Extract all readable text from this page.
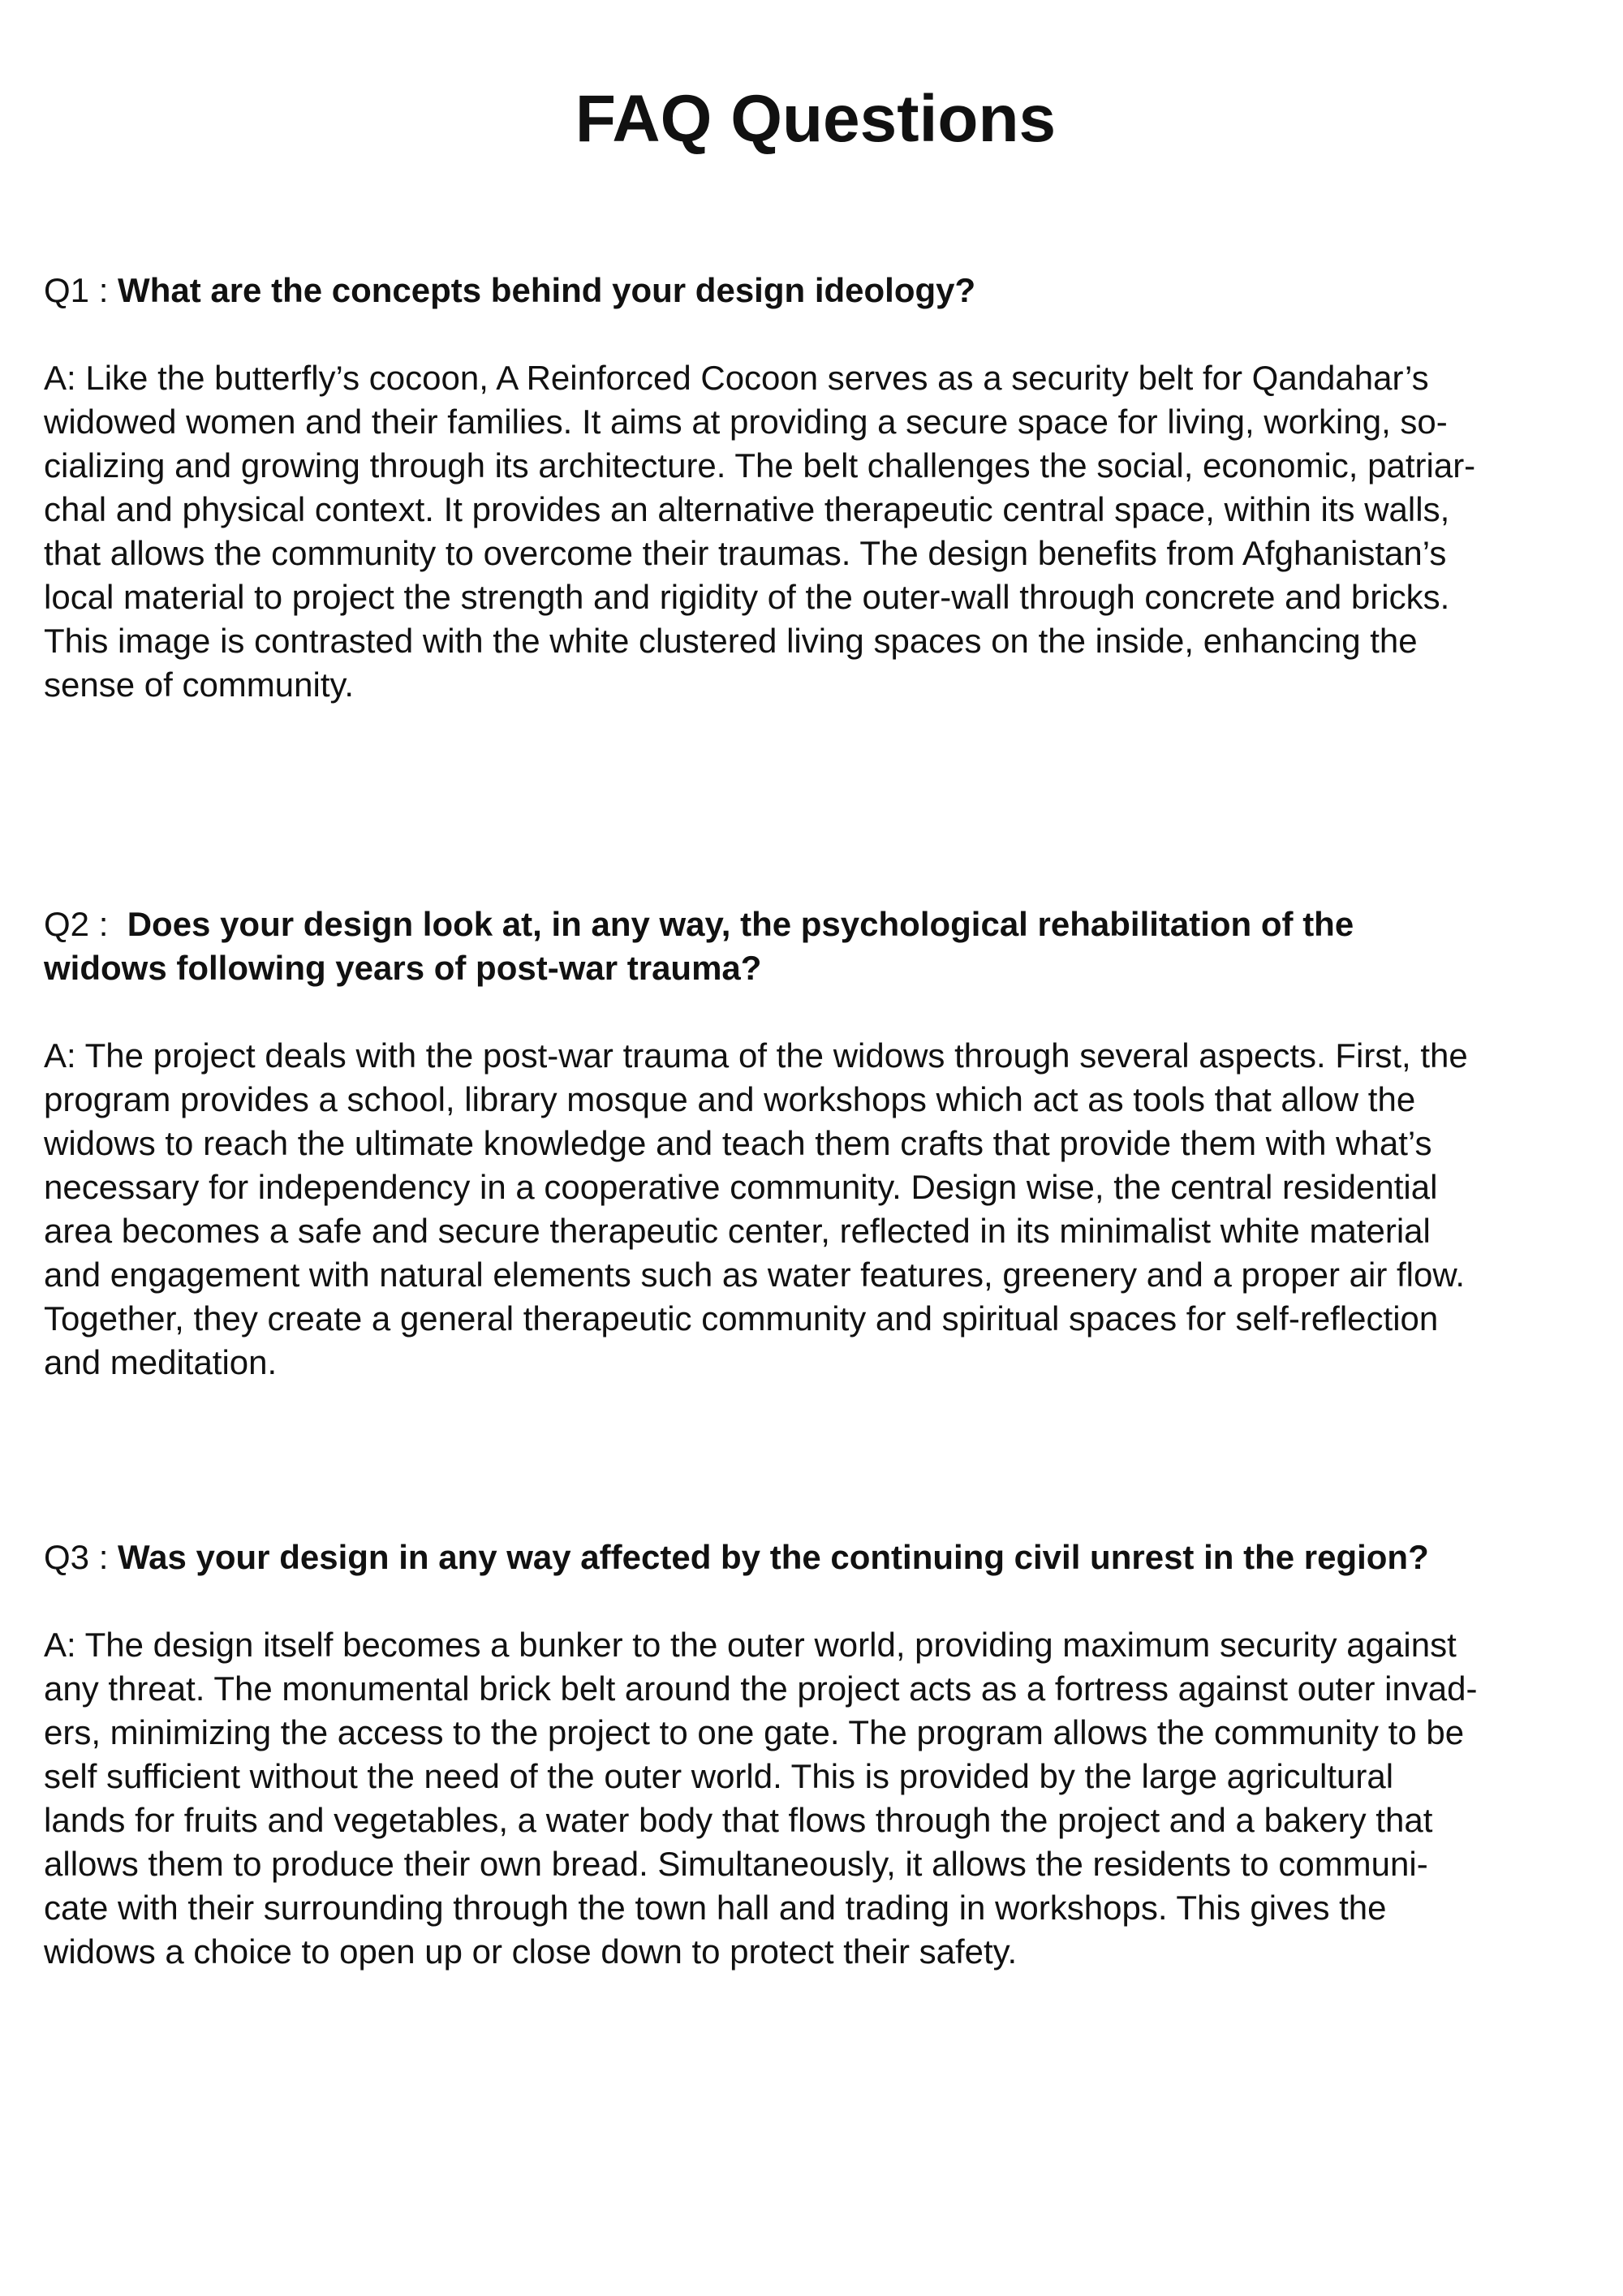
FAQ Questions

Q1 : What are the concepts behind your design ideology?

A: Like the butterfly’s cocoon, A Reinforced Cocoon serves as a security belt for Qandahar’s
widowed women and their families. It aims at providing a secure space for living, working, so-
cializing and growing through its architecture. The belt challenges the social, economic, patriar-
chal and physical context. It provides an alternative therapeutic central space, within its walls,
that allows the community to overcome their traumas. The design benefits from Afghanistan’s
local material to project the strength and rigidity of the outer-wall through concrete and bricks.
This image is contrasted with the white clustered living spaces on the inside, enhancing the
sense of community.

Q2 :  Does your design look at, in any way, the psychological rehabilitation of the
widows following years of post-war trauma?

A: The project deals with the post-war trauma of the widows through several aspects. First, the
program provides a school, library mosque and workshops which act as tools that allow the
widows to reach the ultimate knowledge and teach them crafts that provide them with what’s
necessary for independency in a cooperative community. Design wise, the central residential
area becomes a safe and secure therapeutic center, reflected in its minimalist white material
and engagement with natural elements such as water features, greenery and a proper air flow.
Together, they create a general therapeutic community and spiritual spaces for self-reflection
and meditation.

Q3 : Was your design in any way affected by the continuing civil unrest in the region?

A: The design itself becomes a bunker to the outer world, providing maximum security against
any threat. The monumental brick belt around the project acts as a fortress against outer invad-
ers, minimizing the access to the project to one gate. The program allows the community to be
self sufficient without the need of the outer world. This is provided by the large agricultural
lands for fruits and vegetables, a water body that flows through the project and a bakery that
allows them to produce their own bread. Simultaneously, it allows the residents to communi-
cate with their surrounding through the town hall and trading in workshops. This gives the
widows a choice to open up or close down to protect their safety.
